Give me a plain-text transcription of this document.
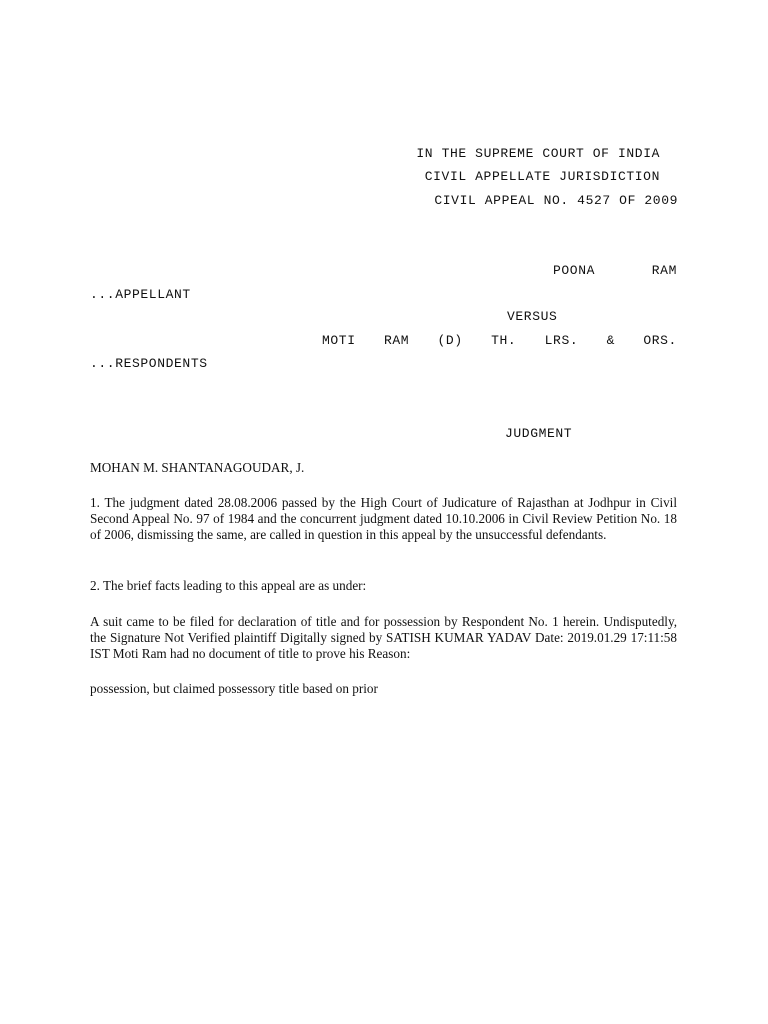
IN THE SUPREME COURT OF INDIA
CIVIL APPELLATE JURISDICTION
CIVIL APPEAL NO. 4527 OF 2009
POONA	RAM
...APPELLANT
VERSUS
MOTI RAM (D) TH. LRS. & ORS.
...RESPONDENTS
JUDGMENT
MOHAN M. SHANTANAGOUDAR, J.

1. The judgment dated 28.08.2006 passed by the High Court of Judicature of Rajasthan at Jodhpur in Civil Second Appeal No. 97 of 1984 and the concurrent judgment dated 10.10.2006 in Civil Review Petition No. 18 of 2006, dismissing the same, are called in question in this appeal by the unsuccessful defendants.

2. The brief facts leading to this appeal are as under:

A suit came to be filed for declaration of title and for possession by Respondent No. 1 herein. Undisputedly, the Signature Not Verified plaintiff Digitally signed by SATISH KUMAR YADAV Date: 2019.01.29 17:11:58 IST Moti Ram had no document of title to prove his Reason:

possession, but claimed possessory title based on prior
